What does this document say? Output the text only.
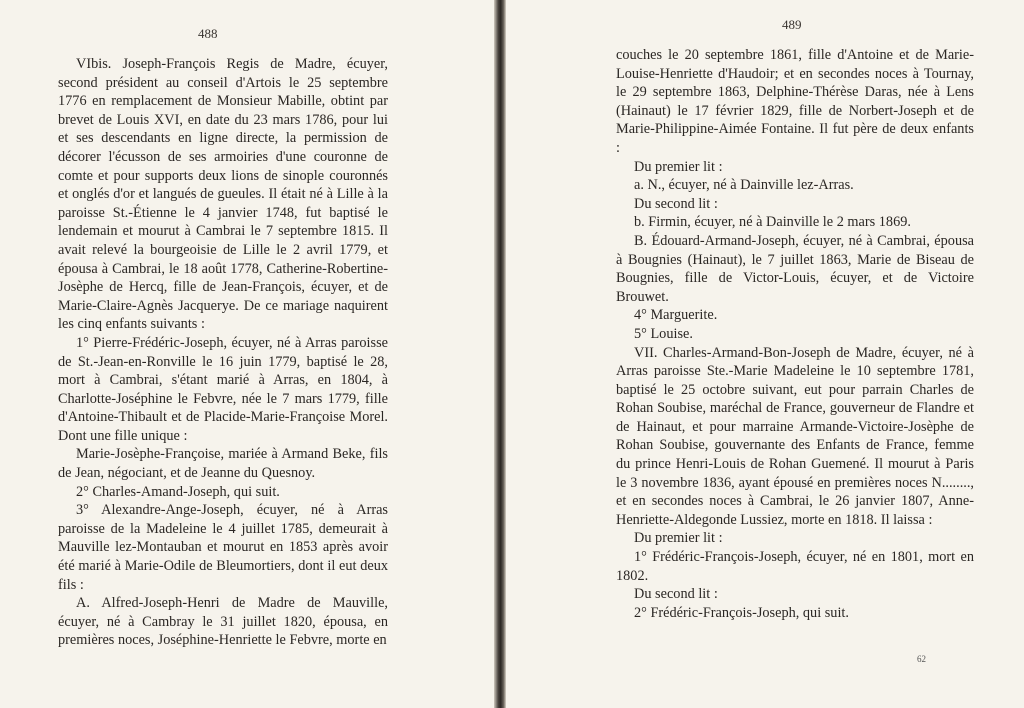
488

VIbis. Joseph-François Regis de Madre, écuyer, second président au conseil d'Artois le 25 septembre 1776 en remplacement de Monsieur Mabille, obtint par brevet de Louis XVI, en date du 23 mars 1786, pour lui et ses descendants en ligne directe, la permission de décorer l'écusson de ses armoiries d'une couronne de comte et pour supports deux lions de sinople couronnés et onglés d'or et langués de gueules. Il était né à Lille à la paroisse St.-Étienne le 4 janvier 1748, fut baptisé le lendemain et mourut à Cambrai le 7 septembre 1815. Il avait relevé la bourgeoisie de Lille le 2 avril 1779, et épousa à Cambrai, le 18 août 1778, Catherine-Robertine-Josèphe de Hercq, fille de Jean-François, écuyer, et de Marie-Claire-Agnès Jacquerye. De ce mariage naquirent les cinq enfants suivants :

1° Pierre-Frédéric-Joseph, écuyer, né à Arras paroisse de St.-Jean-en-Ronville le 16 juin 1779, baptisé le 28, mort à Cambrai, s'étant marié à Arras, en 1804, à Charlotte-Joséphine le Febvre, née le 7 mars 1779, fille d'Antoine-Thibault et de Placide-Marie-Françoise Morel. Dont une fille unique :

Marie-Josèphe-Françoise, mariée à Armand Beke, fils de Jean, négociant, et de Jeanne du Quesnoy.

2° Charles-Amand-Joseph, qui suit.

3° Alexandre-Ange-Joseph, écuyer, né à Arras paroisse de la Madeleine le 4 juillet 1785, demeurait à Mauville lez-Montauban et mourut en 1853 après avoir été marié à Marie-Odile de Bleumortiers, dont il eut deux fils :

A. Alfred-Joseph-Henri de Madre de Mauville, écuyer, né à Cambray le 31 juillet 1820, épousa, en premières noces, Joséphine-Henriette le Febvre, morte en

489

couches le 20 septembre 1861, fille d'Antoine et de Marie-Louise-Henriette d'Haudoir; et en secondes noces à Tournay, le 29 septembre 1863, Delphine-Thérèse Daras, née à Lens (Hainaut) le 17 février 1829, fille de Norbert-Joseph et de Marie-Philippine-Aimée Fontaine. Il fut père de deux enfants :

Du premier lit :

a. N., écuyer, né à Dainville lez-Arras.

Du second lit :

b. Firmin, écuyer, né à Dainville le 2 mars 1869.

B. Édouard-Armand-Joseph, écuyer, né à Cambrai, épousa à Bougnies (Hainaut), le 7 juillet 1863, Marie de Biseau de Bougnies, fille de Victor-Louis, écuyer, et de Victoire Brouwet.

4° Marguerite.

5° Louise.

VII. Charles-Armand-Bon-Joseph de Madre, écuyer, né à Arras paroisse Ste.-Marie Madeleine le 10 septembre 1781, baptisé le 25 octobre suivant, eut pour parrain Charles de Rohan Soubise, maréchal de France, gouverneur de Flandre et de Hainaut, et pour marraine Armande-Victoire-Josèphe de Rohan Soubise, gouvernante des Enfants de France, femme du prince Henri-Louis de Rohan Guemené. Il mourut à Paris le 3 novembre 1836, ayant épousé en premières noces N........, et en secondes noces à Cambrai, le 26 janvier 1807, Anne-Henriette-Aldegonde Lussiez, morte en 1818. Il laissa :

Du premier lit :

1° Frédéric-François-Joseph, écuyer, né en 1801, mort en 1802.

Du second lit :

2° Frédéric-François-Joseph, qui suit.

62
